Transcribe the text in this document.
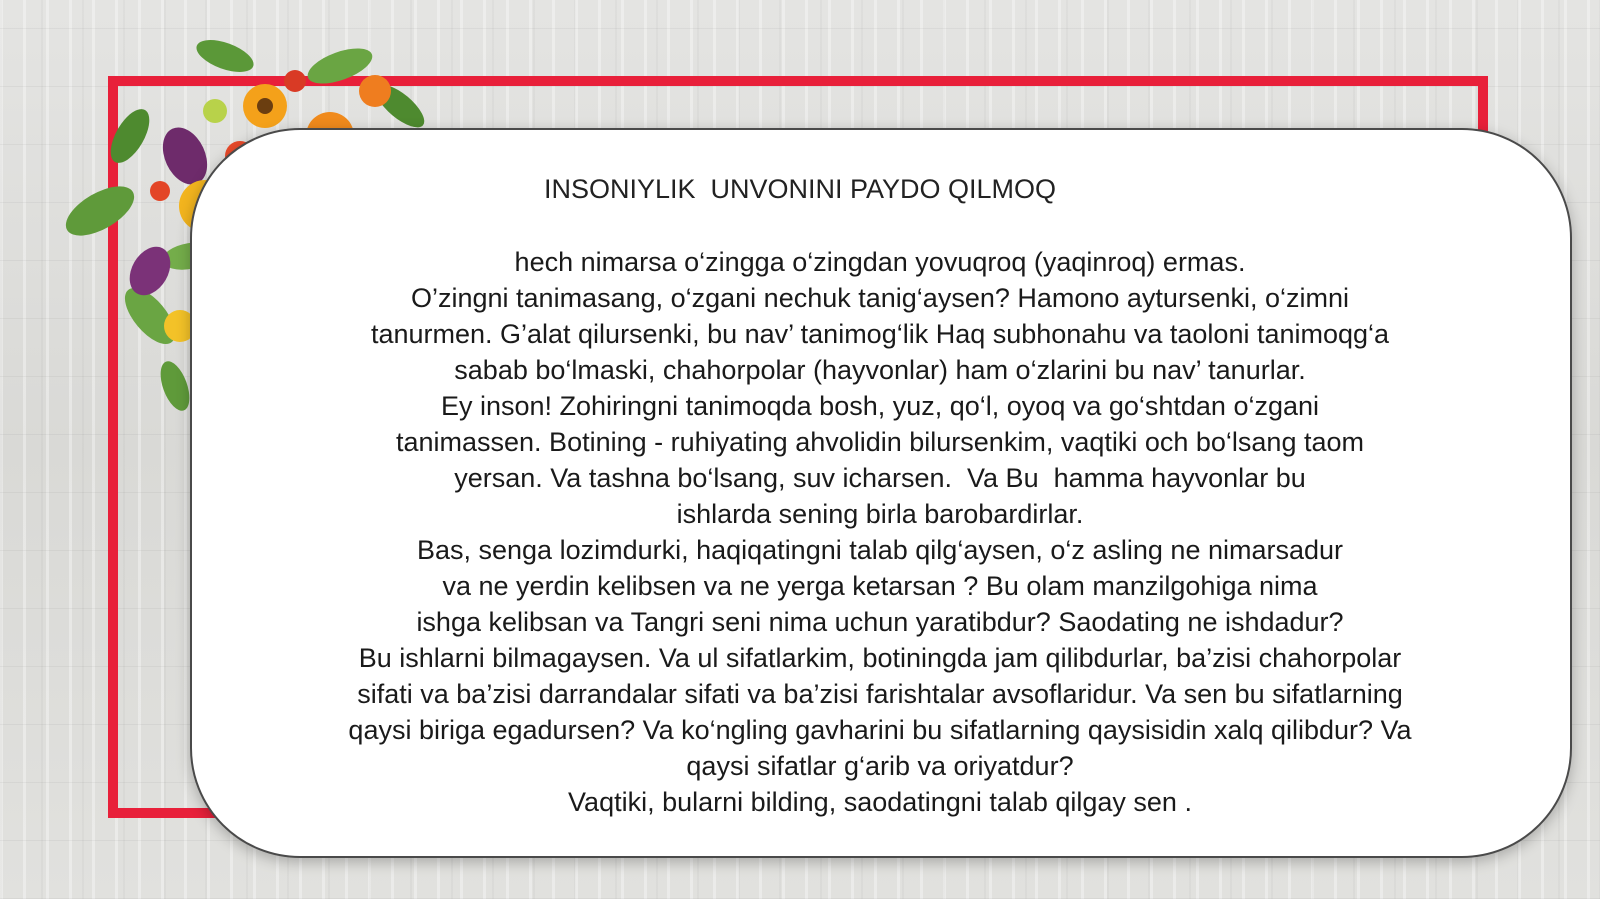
INSONIYLIK  UNVONINI PAYDO QILMOQ
hech nimarsa o‘zingga o‘zingdan yovuqroq (yaqinroq) ermas.
O’zingni tanimasang, o‘zgani nechuk tanig‘aysen? Hamono aytursenki, o‘zimni
tanurmen. G’alat qilursenki, bu nav’ tanimog‘lik Haq subhonahu va taoloni tanimoqg‘a
sabab bo‘lmaski, chahorpolar (hayvonlar) ham o‘zlarini bu nav’ tanurlar.
Ey inson! Zohiringni tanimoqda bosh, yuz, qo‘l, oyoq va go‘shtdan o‘zgani
tanimassen. Botining - ruhiyating ahvolidin bilursenkim, vaqtiki och bo‘lsang taom
yersan. Va tashna bo‘lsang, suv icharsen.  Va Bu  hamma hayvonlar bu
ishlarda sening birla barobardirlar.
Bas, senga lozimdurki, haqiqatingni talab qilg‘aysen, o‘z asling ne nimarsadur
va ne yerdin kelibsen va ne yerga ketarsan ? Bu olam manzilgohiga nima
ishga kelibsan va Tangri seni nima uchun yaratibdur? Saodating ne ishdadur?
Bu ishlarni bilmagaysen. Va ul sifatlarkim, botiningda jam qilibdurlar, ba’zisi chahorpolar
sifati va ba’zisi darrandalar sifati va ba’zisi farishtalar avsoflaridur. Va sen bu sifatlarning
qaysi biriga egadursen? Va ko‘ngling gavharini bu sifatlarning qaysisidin xalq qilibdur? Va
qaysi sifatlar g‘arib va oriyatdur?
Vaqtiki, bularni bilding, saodatingni talab qilgay sen .
